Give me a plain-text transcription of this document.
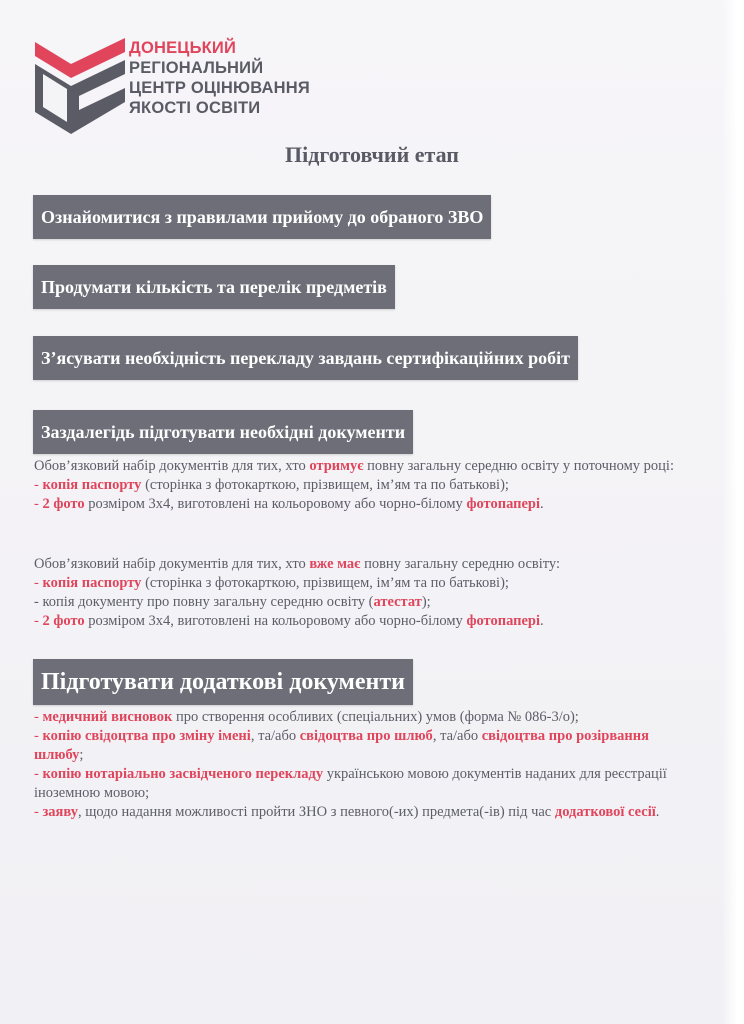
ДОНЕЦЬКИЙ
РЕГІОНАЛЬНИЙ
ЦЕНТР ОЦІНЮВАННЯ
ЯКОСТІ ОСВІТИ
Підготовчий етап
Ознайомитися з правилами прийому до обраного ЗВО
Продумати кількість та перелік предметів
З’ясувати необхідність перекладу завдань сертифікаційних робіт
Заздалегідь підготувати необхідні документи
Обов’язковий набір документів для тих, хто отримує повну загальну середню освіту у поточному році:
- копія паспорту (сторінка з фотокарткою, прізвищем, ім’ям та по батькові);
- 2 фото розміром 3х4, виготовлені на кольоровому або чорно-білому фотопапері.
Обов’язковий набір документів для тих, хто вже має повну загальну середню освіту:
- копія паспорту (сторінка з фотокарткою, прізвищем, ім’ям та по батькові);
- копія документу про повну загальну середню освіту (атестат);
- 2 фото розміром 3х4, виготовлені на кольоровому або чорно-білому фотопапері.
Підготувати додаткові документи
- медичний висновок про створення особливих (спеціальних) умов (форма № 086-3/о);
- копію свідоцтва про зміну імені, та/або свідоцтва про шлюб, та/або свідоцтва про розірвання шлюбу;
- копію нотаріально засвідченого перекладу українською мовою документів наданих для реєстрації іноземною мовою;
- заяву, щодо надання можливості пройти ЗНО з певного(-их) предмета(-ів) під час додаткової сесії.
